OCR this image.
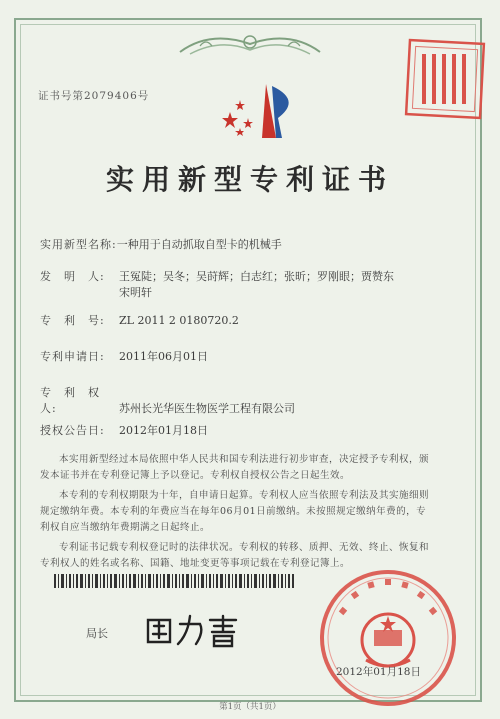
证书号第2079406号
实用新型专利证书
实用新型名称:一种用于自动抓取自型卡的机械手
发　明　人: 王冤陡；吴冬；吴莳辉；白志红；张昕；罗刚眼；贾赞东
宋明轩
专　利　号: ZL 2011 2 0180720.2
专利申请日: 2011年06月01日
专　利　权　人:	苏州长光华医生物医学工程有限公司
授权公告日: 2012年01月18日
本实用新型经过本局依照中华人民共和国专利法进行初步审查，决定授予专利权，颁
发本证书并在专利登记簿上予以登记。专利权自授权公告之日起生效。
本专利的专利权期限为十年，自申请日起算。专利权人应当依照专利法及其实施细则
规定缴纳年费。本专利的年费应当在每年06月01日前缴纳。未按照规定缴纳年费的，专
利权自应当缴纳年费期满之日起终止。
专利证书记载专利权登记时的法律状况。专利权的转移、质押、无效、终止、恢复和
专利权人的姓名或名称、国籍、地址变更等事项记载在专利登记簿上。
局长
2012年01月18日
第1页（共1页）
